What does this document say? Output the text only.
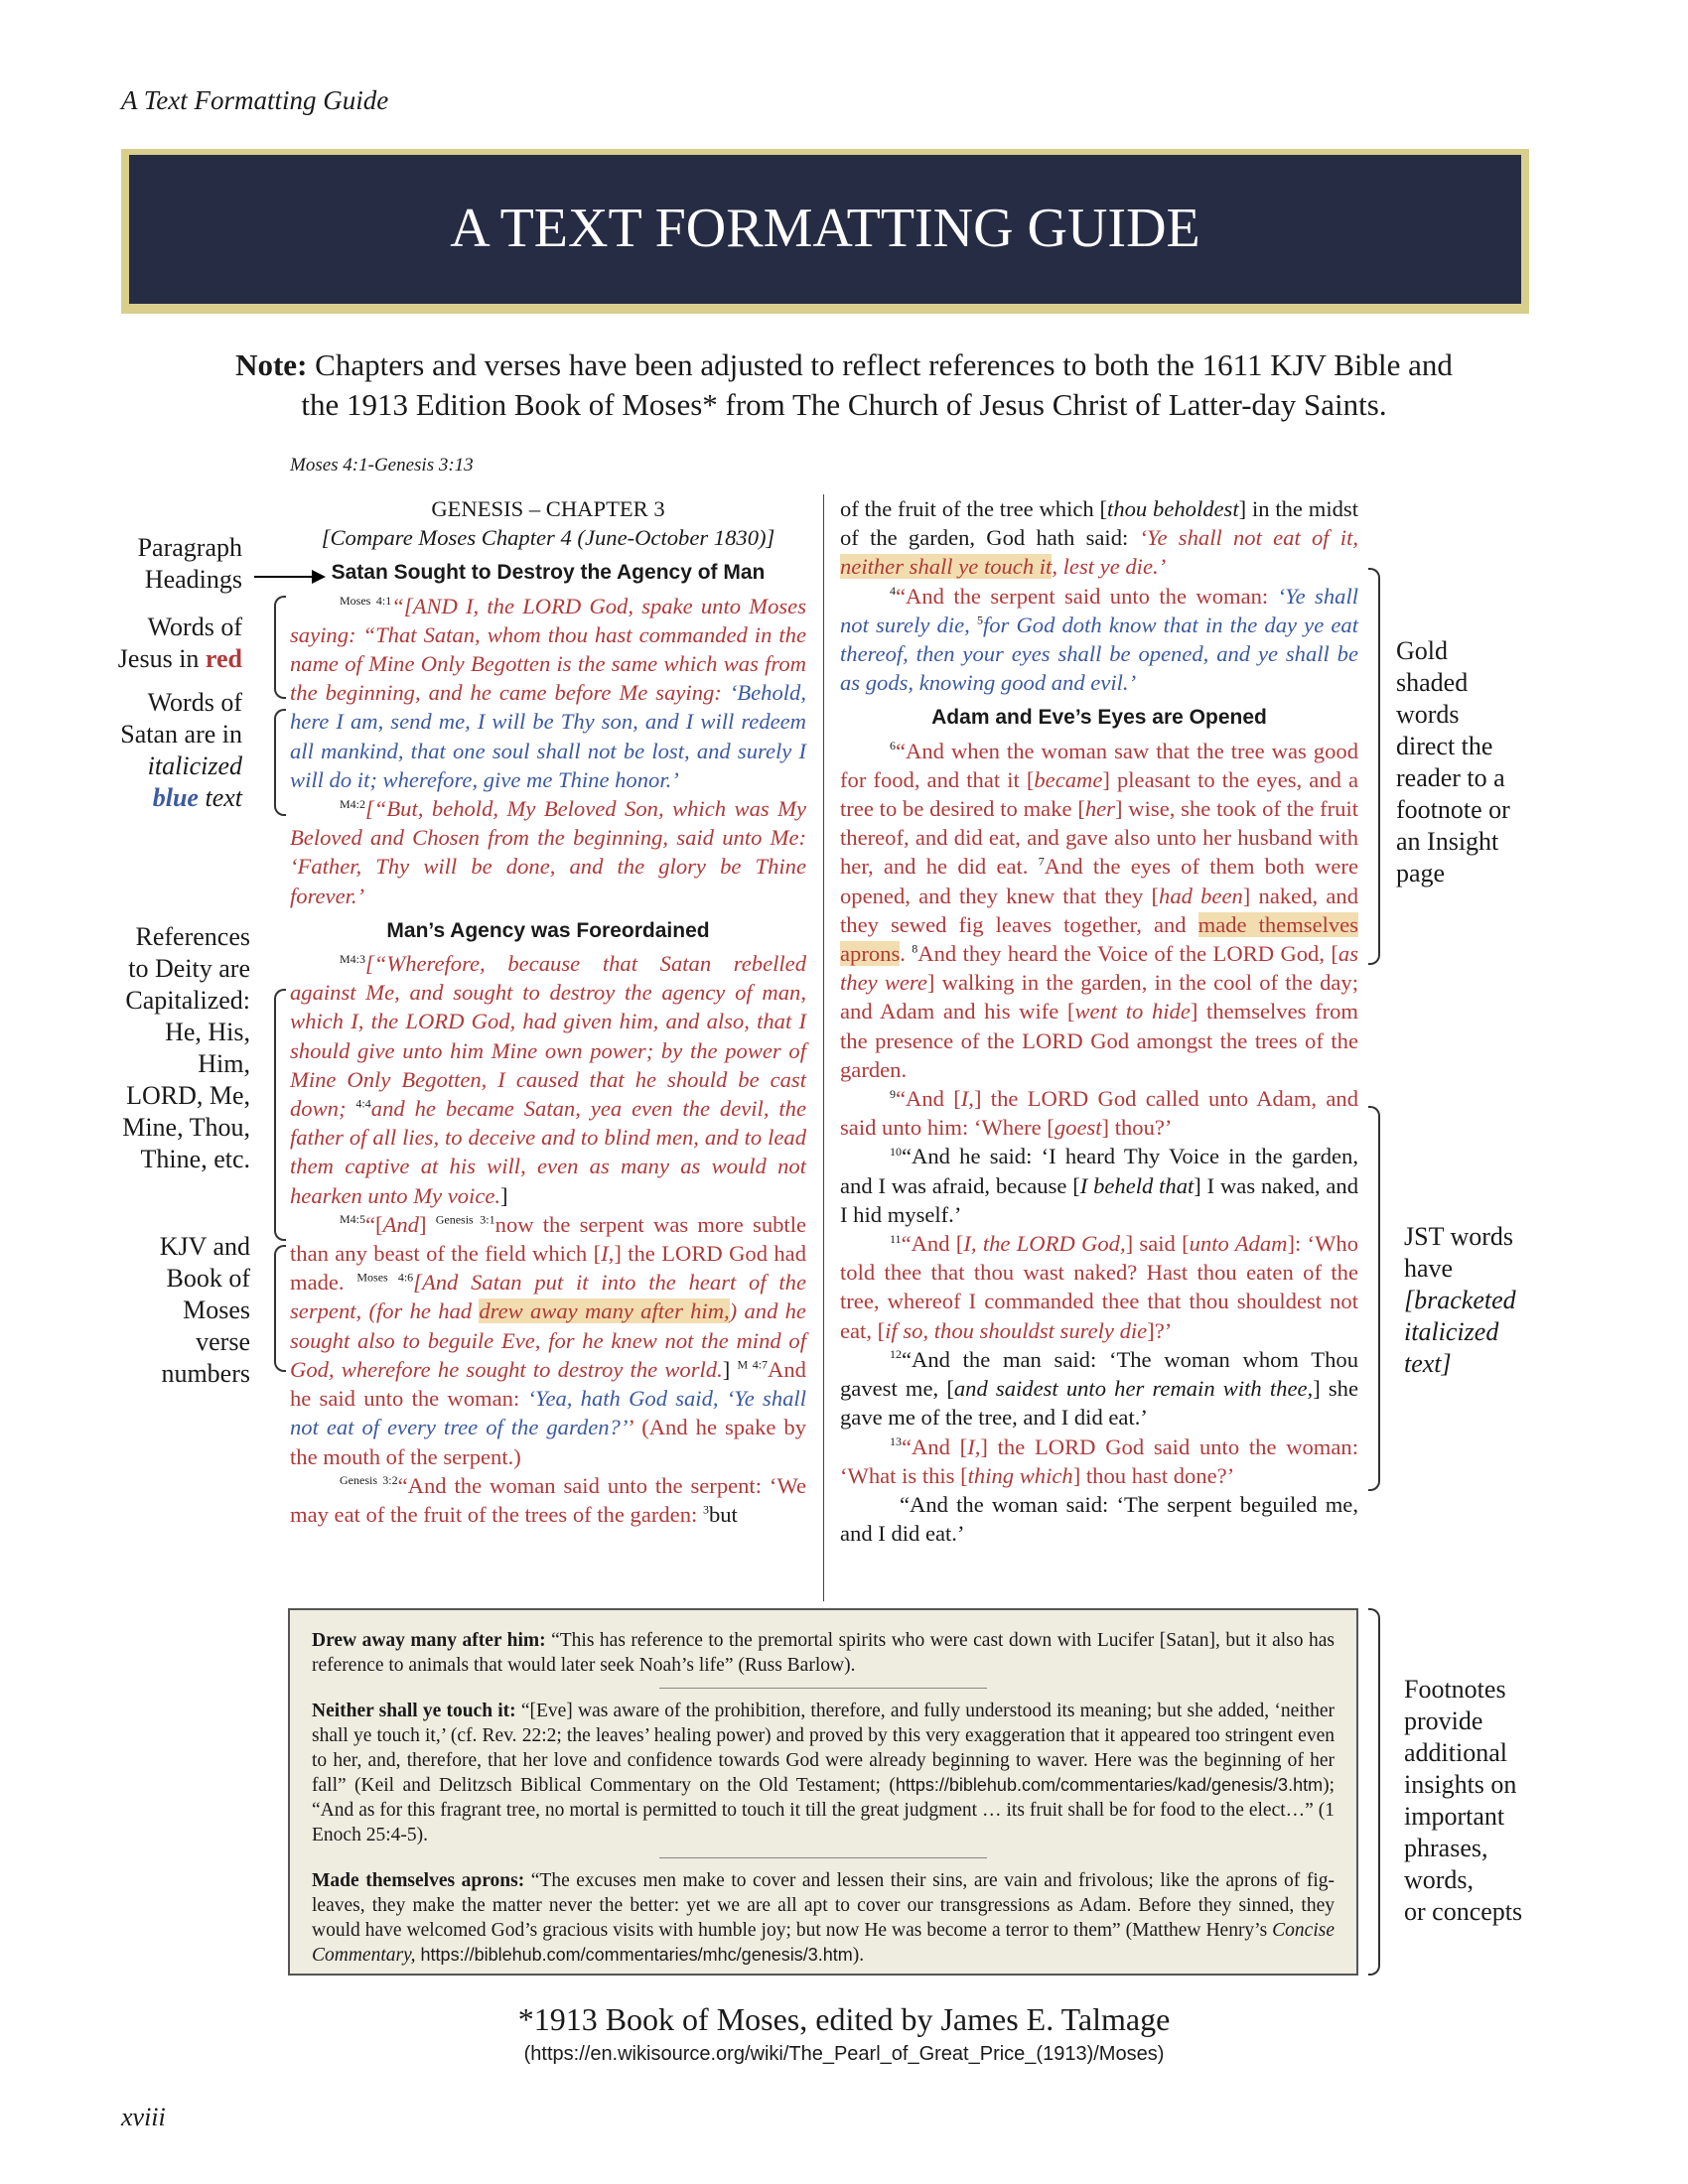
A Text Formatting Guide
A TEXT FORMATTING GUIDE
Note: Chapters and verses have been adjusted to reflect references to both the 1611 KJV Bible and
the 1913 Edition Book of Moses* from The Church of Jesus Christ of Latter-day Saints.
Moses 4:1-Genesis 3:13
Paragraph
Headings
Words of
Jesus in red
Words of
Satan are in
italicized
blue text
References
to Deity are
Capitalized:
He, His,
Him,
LORD, Me,
Mine, Thou,
Thine, etc.
KJV and
Book of
Moses
verse
numbers

GENESIS – CHAPTER 3

[Compare Moses Chapter 4 (June-October 1830)]

Satan Sought to Destroy the Agency of Man

$^{Moses 4:1}$“[AND I, the LORD God, spake unto Moses saying: “That Satan, whom thou hast commanded in the name of Mine Only Begotten is the same which was from the beginning, and he came before Me saying: ‘Behold, here I am, send me, I will be Thy son, and I will redeem all mankind, that one soul shall not be lost, and surely I will do it; wherefore, give me Thine honor.’

$^{M4:2}$[“But, behold, My Beloved Son, which was My Beloved and Chosen from the beginning, said unto Me: ‘Father, Thy will be done, and the glory be Thine forever.’

Man’s Agency was Foreordained

$^{M4:3}$[“Wherefore, because that Satan rebelled against Me, and sought to destroy the agency of man, which I, the LORD God, had given him, and also, that I should give unto him Mine own power; by the power of Mine Only Begotten, I caused that he should be cast down; $^{4:4}$and he became Satan, yea even the devil, the father of all lies, to deceive and to blind men, and to lead them captive at his will, even as many as would not hearken unto My voice.]

$^{M4:5}$“[And] $^{Genesis 3:1}$now the serpent was more subtle than any beast of the field which [I,] the LORD God had made. $^{Moses 4:6}$[And Satan put it into the heart of the serpent, (for he had drew away many after him,) and he sought also to beguile Eve, for he knew not the mind of God, wherefore he sought to destroy the world.] $^{M 4:7}$And he said unto the woman: ‘Yea, hath God said, ‘Ye shall not eat of every tree of the garden?’’ (And he spake by the mouth of the serpent.)

$^{Genesis 3:2}$“And the woman said unto the serpent: ‘We may eat of the fruit of the trees of the garden: $^3$but

of the fruit of the tree which [thou beholdest] in the midst of the garden, God hath said: ‘Ye shall not eat of it, neither shall ye touch it, lest ye die.’

$^4$“And the serpent said unto the woman: ‘Ye shall not surely die, $^5$for God doth know that in the day ye eat thereof, then your eyes shall be opened, and ye shall be as gods, knowing good and evil.’

Adam and Eve’s Eyes are Opened

$^6$“And when the woman saw that the tree was good for food, and that it [became] pleasant to the eyes, and a tree to be desired to make [her] wise, she took of the fruit thereof, and did eat, and gave also unto her husband with her, and he did eat. $^7$And the eyes of them both were opened, and they knew that they [had been] naked, and they sewed fig leaves together, and made themselves aprons. $^8$And they heard the Voice of the LORD God, [as they were] walking in the garden, in the cool of the day; and Adam and his wife [went to hide] themselves from the presence of the LORD God amongst the trees of the garden.

$^9$“And [I,] the LORD God called unto Adam, and said unto him: ‘Where [goest] thou?’

$^{10}$“And he said: ‘I heard Thy Voice in the garden, and I was afraid, because [I beheld that] I was naked, and I hid myself.’

$^{11}$“And [I, the LORD God,] said [unto Adam]: ‘Who told thee that thou wast naked? Hast thou eaten of the tree, whereof I commanded thee that thou shouldest not eat, [if so, thou shouldst surely die]?’

$^{12}$“And the man said: ‘The woman whom Thou gavest me, [and saidest unto her remain with thee,] she gave me of the tree, and I did eat.’

$^{13}$“And [I,] the LORD God said unto the woman: ‘What is this [thing which] thou hast done?’

“And the woman said: ‘The serpent beguiled me, and I did eat.’

Gold
shaded
words
direct the
reader to a
footnote or
an Insight
page
JST words
have
[bracketed
italicized
text]

Drew away many after him: “This has reference to the premortal spirits who were cast down with Lucifer [Satan], but it also has reference to animals that would later seek Noah’s life” (Russ Barlow).

Neither shall ye touch it: “[Eve] was aware of the prohibition, therefore, and fully understood its meaning; but she added, ‘neither shall ye touch it,’ (cf. Rev. 22:2; the leaves’ healing power) and proved by this very exaggeration that it appeared too stringent even to her, and, therefore, that her love and confidence towards God were already beginning to waver. Here was the beginning of her fall” (Keil and Delitzsch Biblical Commentary on the Old Testament; (https://biblehub.com/commentaries/kad/genesis/3.htm); “And as for this fragrant tree, no mortal is permitted to touch it till the great judgment … its fruit shall be for food to the elect…” (1 Enoch 25:4-5).

Made themselves aprons: “The excuses men make to cover and lessen their sins, are vain and frivolous; like the aprons of fig-leaves, they make the matter never the better: yet we are all apt to cover our transgressions as Adam. Before they sinned, they would have welcomed God’s gracious visits with humble joy; but now He was become a terror to them” (Matthew Henry’s Concise Commentary, https://biblehub.com/commentaries/mhc/genesis/3.htm).

Footnotes
provide
additional
insights on
important
phrases,
words,
or concepts
*1913 Book of Moses, edited by James E. Talmage
(https://en.wikisource.org/wiki/The_Pearl_of_Great_Price_(1913)/Moses)
xviii
